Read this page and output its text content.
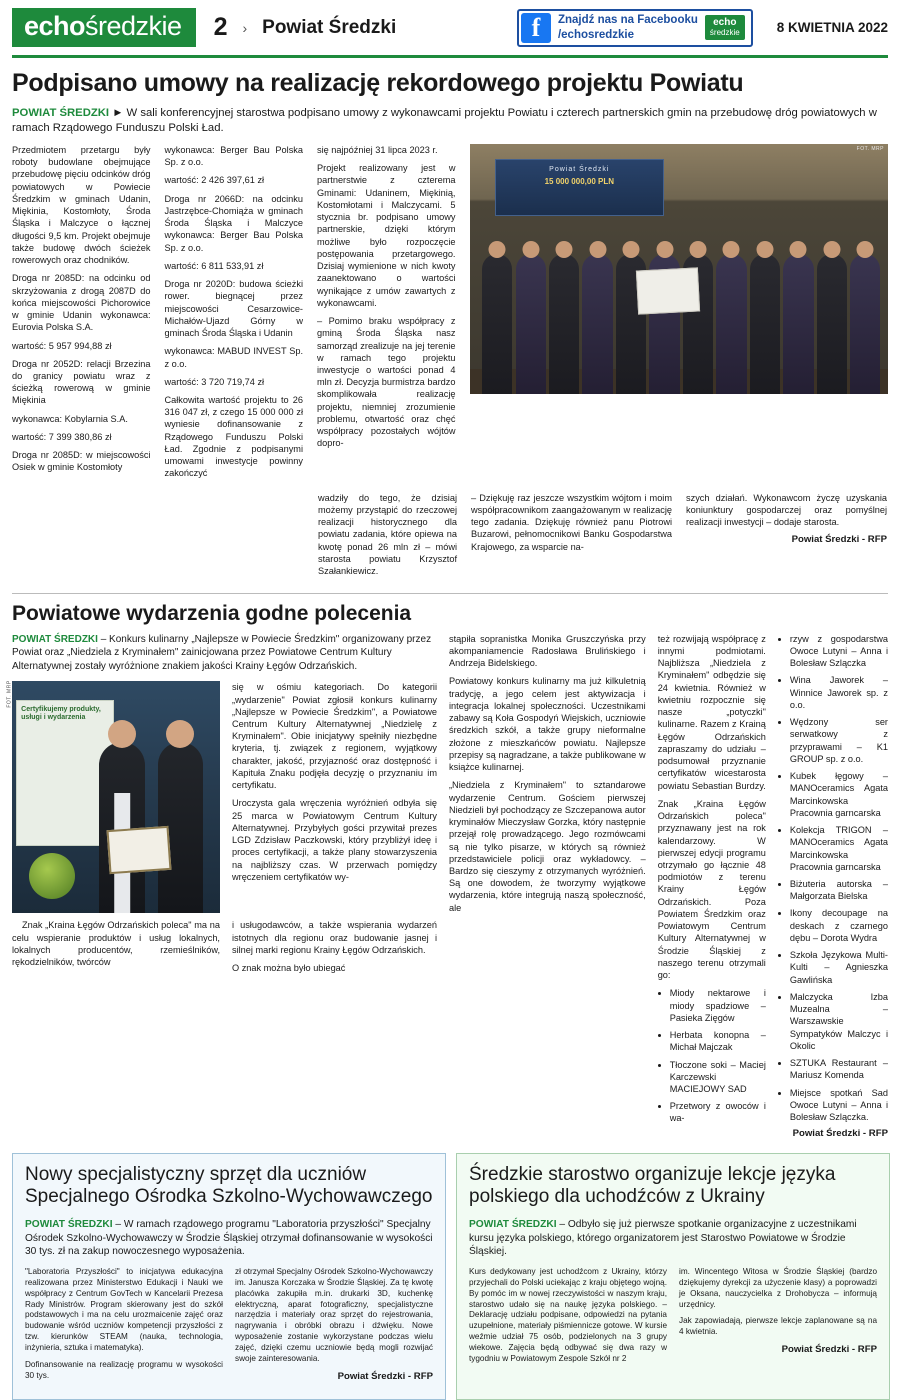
echośredzkie	2 › Powiat Średzki	f	Znajdź nas na Facebooku
/echosredzkie
echo
średzkie	8 KWIETNIA 2022
Podpisano umowy na realizację rekordowego projektu Powiatu
POWIAT ŚREDZKI ► W sali konferencyjnej starostwa podpisano umowy z wykonawcami projektu Powiatu i czterech partnerskich gmin na przebudowę dróg powiatowych w ramach Rządowego Funduszu Polski Ład.

Przedmiotem przetargu były roboty budowlane obejmujące przebudowę pięciu odcinków dróg powiatowych w Powiecie Średzkim w gminach Udanin, Miękinia, Kostomłoty, Środa Śląska i Malczyce o łącznej długości 9,5 km. Projekt obejmuje także budowę dwóch ścieżek rowerowych oraz chodników.

Droga nr 2085D: na odcinku od skrzyżowania z drogą 2087D do końca miejscowości Pichorowice w gminie Udanin wykonawca: Eurovia Polska S.A.

wartość: 5 957 994,88 zł

Droga nr 2052D: relacji Brzezina do granicy powiatu wraz z ścieżką rowerową w gminie Miękinia

wykonawca: Kobylarnia S.A.

wartość: 7 399 380,86 zł

Droga nr 2085D: w miejscowości Osiek w gminie Kostomłoty

wykonawca: Berger Bau Polska Sp. z o.o.

wartość: 2 426 397,61 zł

Droga nr 2066D: na odcinku Jastrzębce-Chomiąża w gminach Środa Śląska i Malczyce wykonawca: Berger Bau Polska Sp. z o.o.

wartość: 6 811 533,91 zł

Droga nr 2020D: budowa ścieżki rower. biegnącej przez miejscowości Cesarzowice-Michałów-Ujazd Górny w gminach Środa Śląska i Udanin

wykonawca: MABUD INVEST Sp. z o.o.

wartość: 3 720 719,74 zł

Całkowita wartość projektu to 26 316 047 zł, z czego 15 000 000 zł wyniesie dofinansowanie z Rządowego Funduszu Polski Ład. Zgodnie z podpisanymi umowami inwestycje powinny zakończyć

się najpóźniej 31 lipca 2023 r.

Projekt realizowany jest w partnerstwie z czterema Gminami: Udaninem, Miękinią, Kostomłotami i Malczycami. 5 stycznia br. podpisano umowy partnerskie, dzięki którym możliwe było rozpoczęcie postępowania przetargowego. Dzisiaj wymienione w nich kwoty zaanektowano o wartości wynikające z umów zawartych z wykonawcami.

– Pomimo braku współpracy z gminą Środa Śląska nasz samorząd zrealizuje na jej terenie w ramach tego projektu inwestycje o wartości ponad 4 mln zł. Decyzja burmistrza bardzo skomplikowała realizację projektu, niemniej zrozumienie problemu, otwartość oraz chęć współpracy pozostałych wójtów dopro-

Powiat Średzki
15 000 000,00 PLN
FOT. MRP

wadziły do tego, że dzisiaj możemy przystąpić do rzeczowej realizacji historycznego dla powiatu zadania, które opiewa na kwotę ponad 26 mln zł – mówi starosta powiatu Krzysztof Szałankiewicz.

– Dziękuję raz jeszcze wszystkim wójtom i moim współpracownikom zaangażowanym w realizację tego zadania. Dziękuję również panu Piotrowi Buzarowi, pełnomocnikowi Banku Gospodarstwa Krajowego, za wsparcie na-

szych działań. Wykonawcom życzę uzyskania koniunktury gospodarczej oraz pomyślnej realizacji inwestycji – dodaje starosta.

Powiat Średzki - RFP
Powiatowe wydarzenia godne polecenia
POWIAT ŚREDZKI – Konkurs kulinarny „Najlepsze w Powiecie Średzkim" organizowany przez Powiat oraz „Niedziela z Kryminałem" zainicjowana przez Powiatowe Centrum Kultury Alternatywnej zostały wyróżnione znakiem jakości Krainy Łęgów Odrzańskich.
Certyfikujemy produkty, usługi i wydarzenia
FOT. MRP	się w ośmiu kategoriach. Do kategorii „wydarzenie" Powiat zgłosił konkurs kulinarny „Najlepsze w Powiecie Średzkim", a Powiatowe Centrum Kultury Alternatywnej „Niedzielę z Kryminałem". Obie inicjatywy spełniły niezbędne kryteria, tj. związek z regionem, wyjątkowy charakter, jakość, przyjazność oraz dostępność i Kapituła Znaku podjęła decyzję o przyznaniu im certyfikatu.

Uroczysta gala wręczenia wyróżnień odbyła się 25 marca w Powiatowym Centrum Kultury Alternatywnej. Przybyłych gości przywitał prezes LGD Zdzisław Paczkowski, który przybliżył ideę i proces certyfikacji, a także plany stowarzyszenia na najbliższy czas. W przerwach pomiędzy wręczeniem certyfikatów wy-

Znak „Kraina Łęgów Odrzańskich poleca" ma na celu wspieranie produktów i usług lokalnych, lokalnych producentów, rzemieślników, rękodzielników, twórców

i usługodawców, a także wspierania wydarzeń istotnych dla regionu oraz budowanie jasnej i silnej marki regionu Krainy Łęgów Odrzańskich.

O znak można było ubiegać

stąpiła sopranistka Monika Gruszczyńska przy akompaniamencie Radosława Brulińskiego i Andrzeja Bidelskiego.

Powiatowy konkurs kulinarny ma już kilkuletnią tradycję, a jego celem jest aktywizacja i integracja lokalnej społeczności. Uczestnikami zabawy są Koła Gospodyń Wiejskich, uczniowie średzkich szkół, a także grupy nieformalne złożone z mieszkańców powiatu. Najlepsze przepisy są nagradzane, a także publikowane w książce kulinarnej.

„Niedziela z Kryminałem" to sztandarowe wydarzenie Centrum. Gościem pierwszej Niedzieli był pochodzący ze Szczepanowa autor kryminałów Mieczysław Gorzka, który następnie przejął rolę prowadzącego. Jego rozmówcami są nie tylko pisarze, w których są również przedstawiciele policji oraz wykładowcy. – Bardzo się cieszymy z otrzymanych wyróżnień. Są one dowodem, że tworzymy wyjątkowe wydarzenia, które integrują naszą społeczność, ale

też rozwijają współpracę z innymi podmiotami. Najbliższa „Niedziela z Kryminałem" odbędzie się 24 kwietnia. Również w kwietniu rozpocznie się nasze „potyczki" kulinarne. Razem z Krainą Łęgów Odrzańskich zapraszamy do udziału – podsumował przyznanie certyfikatów wicestarosta powiatu Sebastian Burdzy.

Znak „Kraina Łęgów Odrzańskich poleca" przyznawany jest na rok kalendarzowy. W pierwszej edycji programu otrzymało go łącznie 48 podmiotów z terenu Krainy Łęgów Odrzańskich. Poza Powiatem Średzkim oraz Powiatowym Centrum Kultury Alternatywnej w Środzie Śląskiej z naszego terenu otrzymali go:

• Miody nektarowe i miody spadziowe – Pasieka Zięgów
• Herbata konopna – Michał Majczak
• Tłoczone soki – Maciej Karczewski MACIEJOWY SAD
• Przetwory z owoców i wa-
• rzyw z gospodarstwa Owoce Lutyni – Anna i Bolesław Szlączka
• Wina Jaworek – Winnice Jaworek sp. z o.o.
• Wędzony ser serwatkowy z przyprawami – K1 GROUP sp. z o.o.
• Kubek łęgowy – MANOceramics Agata Marcinkowska Pracownia garncarska
• Kolekcja TRIGON – MANOceramics Agata Marcinkowska Pracownia garncarska
• Biżuteria autorska – Małgorzata Bielska
• Ikony decoupage na deskach z czarnego dębu – Dorota Wydra
• Szkoła Językowa Multi-Kulti – Agnieszka Gawlińska
• Malczycka Izba Muzealna – Warszawskie Sympatyków Malczyc i Okolic
• SZTUKA Restaurant – Mariusz Komenda
• Miejsce spotkań Sad Owoce Lutyni – Anna i Bolesław Szlączka.
Powiat Średzki - RFP
Nowy specjalistyczny sprzęt dla uczniów Specjalnego Ośrodka Szkolno-Wychowawczego
POWIAT ŚREDZKI – W ramach rządowego programu "Laboratoria przyszłości" Specjalny Ośrodek Szkolno-Wychowawczy w Środzie Śląskiej otrzymał dofinansowanie w wysokości 30 tys. zł na zakup nowoczesnego wyposażenia.

"Laboratoria Przyszłości" to inicjatywa edukacyjna realizowana przez Ministerstwo Edukacji i Nauki we współpracy z Centrum GovTech w Kancelarii Prezesa Rady Ministrów. Program skierowany jest do szkół podstawowych i ma na celu urozmaicenie zajęć oraz budowanie wśród uczniów kompetencji przyszłości z tzw. kierunków STEAM (nauka, technologia, inżynieria, sztuka i matematyka).

Dofinansowanie na realizację programu w wysokości 30 tys.

zł otrzymał Specjalny Ośrodek Szkolno-Wychowawczy im. Janusza Korczaka w Środzie Śląskiej. Za tę kwotę placówka zakupiła m.in. drukarki 3D, kuchenkę elektryczną, aparat fotograficzny, specjalistyczne narzędzia i materiały oraz sprzęt do rejestrowania, nagrywania i obróbki obrazu i dźwięku. Nowe wyposażenie zostanie wykorzystane podczas wielu zajęć, dzięki czemu uczniowie będą mogli rozwijać swoje zainteresowania.

Powiat Średzki - RFP
Średzkie starostwo organizuje lekcje języka polskiego dla uchodźców z Ukrainy
POWIAT ŚREDZKI – Odbyło się już pierwsze spotkanie organizacyjne z uczestnikami kursu języka polskiego, którego organizatorem jest Starostwo Powiatowe w Środzie Śląskiej.

Kurs dedykowany jest uchodźcom z Ukrainy, którzy przyjechali do Polski uciekając z kraju objętego wojną. By pomóc im w nowej rzeczywistości w naszym kraju, starostwo udało się na naukę języka polskiego. – Deklarację udziału podpisane, odpowiedzi na pytania uzupełnione, materiały piśmiennicze gotowe. W kursie weźmie udział 75 osób, podzielonych na 3 grupy wiekowe. Zajęcia będą odbywać się dwa razy w tygodniu w Powiatowym Zespole Szkół nr 2

im. Wincentego Witosa w Środzie Śląskiej (bardzo dziękujemy dyrekcji za użyczenie klasy) a poprowadzi je Oksana, nauczycielka z Drohobycza – informują urzędnicy.

Jak zapowiadają, pierwsze lekcje zaplanowane są na 4 kwietnia.

Powiat Średzki - RFP
